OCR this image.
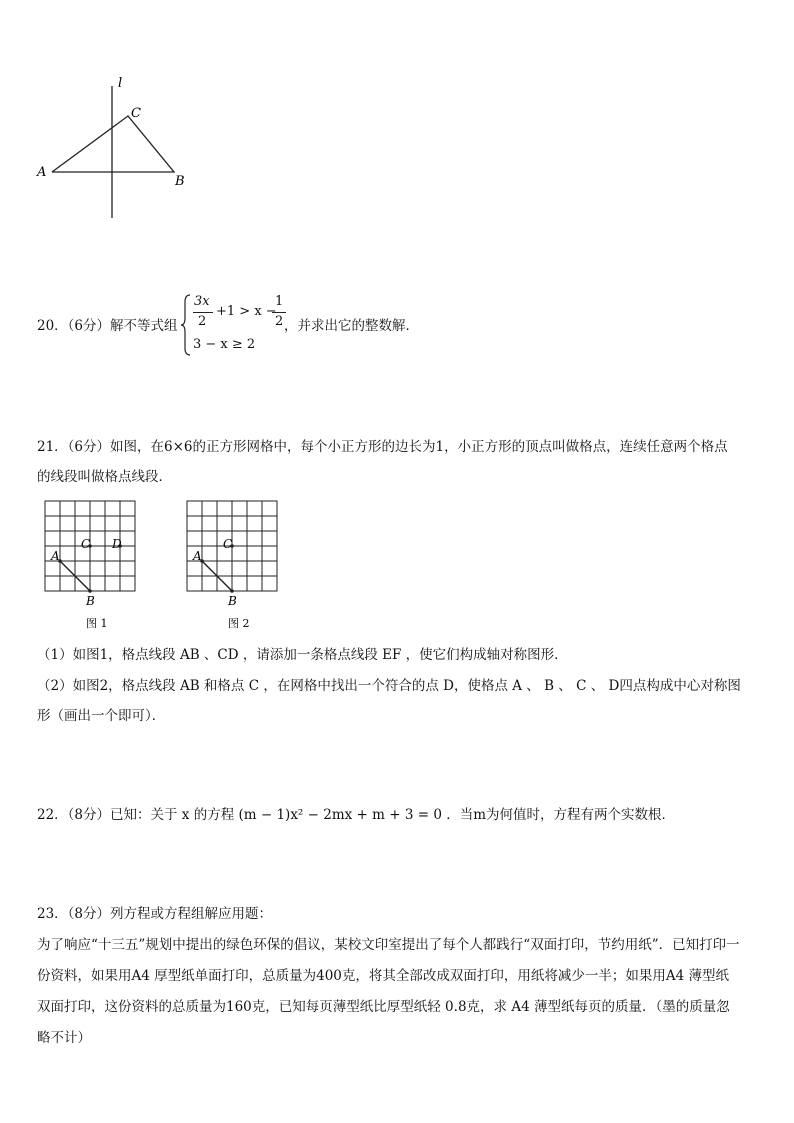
l
C
A
B
20．（6分）解不等式组
3x
2
+1 > x −
1
2
3 − x ≥ 2
，并求出它的整数解．
21．（6分）如图，在6×6的正方形网格中，每个小正方形的边长为1，小正方形的顶点叫做格点，连续任意两个格点
的线段叫做格点线段．
A
C D
B
图 1
A
C
B
图 2
（1）如图1，格点线段 AB 、CD ，请添加一条格点线段 EF ，使它们构成轴对称图形．
（2）如图2，格点线段 AB 和格点 C ，在网格中找出一个符合的点 D，使格点 A 、 B 、 C 、 D四点构成中心对称图
形（画出一个即可）．
22．（8分）已知：关于 x 的方程 (m − 1)x² − 2mx + m + 3 = 0 ．当m为何值时，方程有两个实数根．
23．（8分）列方程或方程组解应用题：
为了响应“十三五”规划中提出的绿色环保的倡议，某校文印室提出了每个人都践行“双面打印，节约用纸”．已知打印一
份资料，如果用A4 厚型纸单面打印，总质量为400克，将其全部改成双面打印，用纸将减少一半；如果用A4 薄型纸
双面打印，这份资料的总质量为160克，已知每页薄型纸比厚型纸轻 0.8克，求 A4 薄型纸每页的质量．（墨的质量忽
略不计）
